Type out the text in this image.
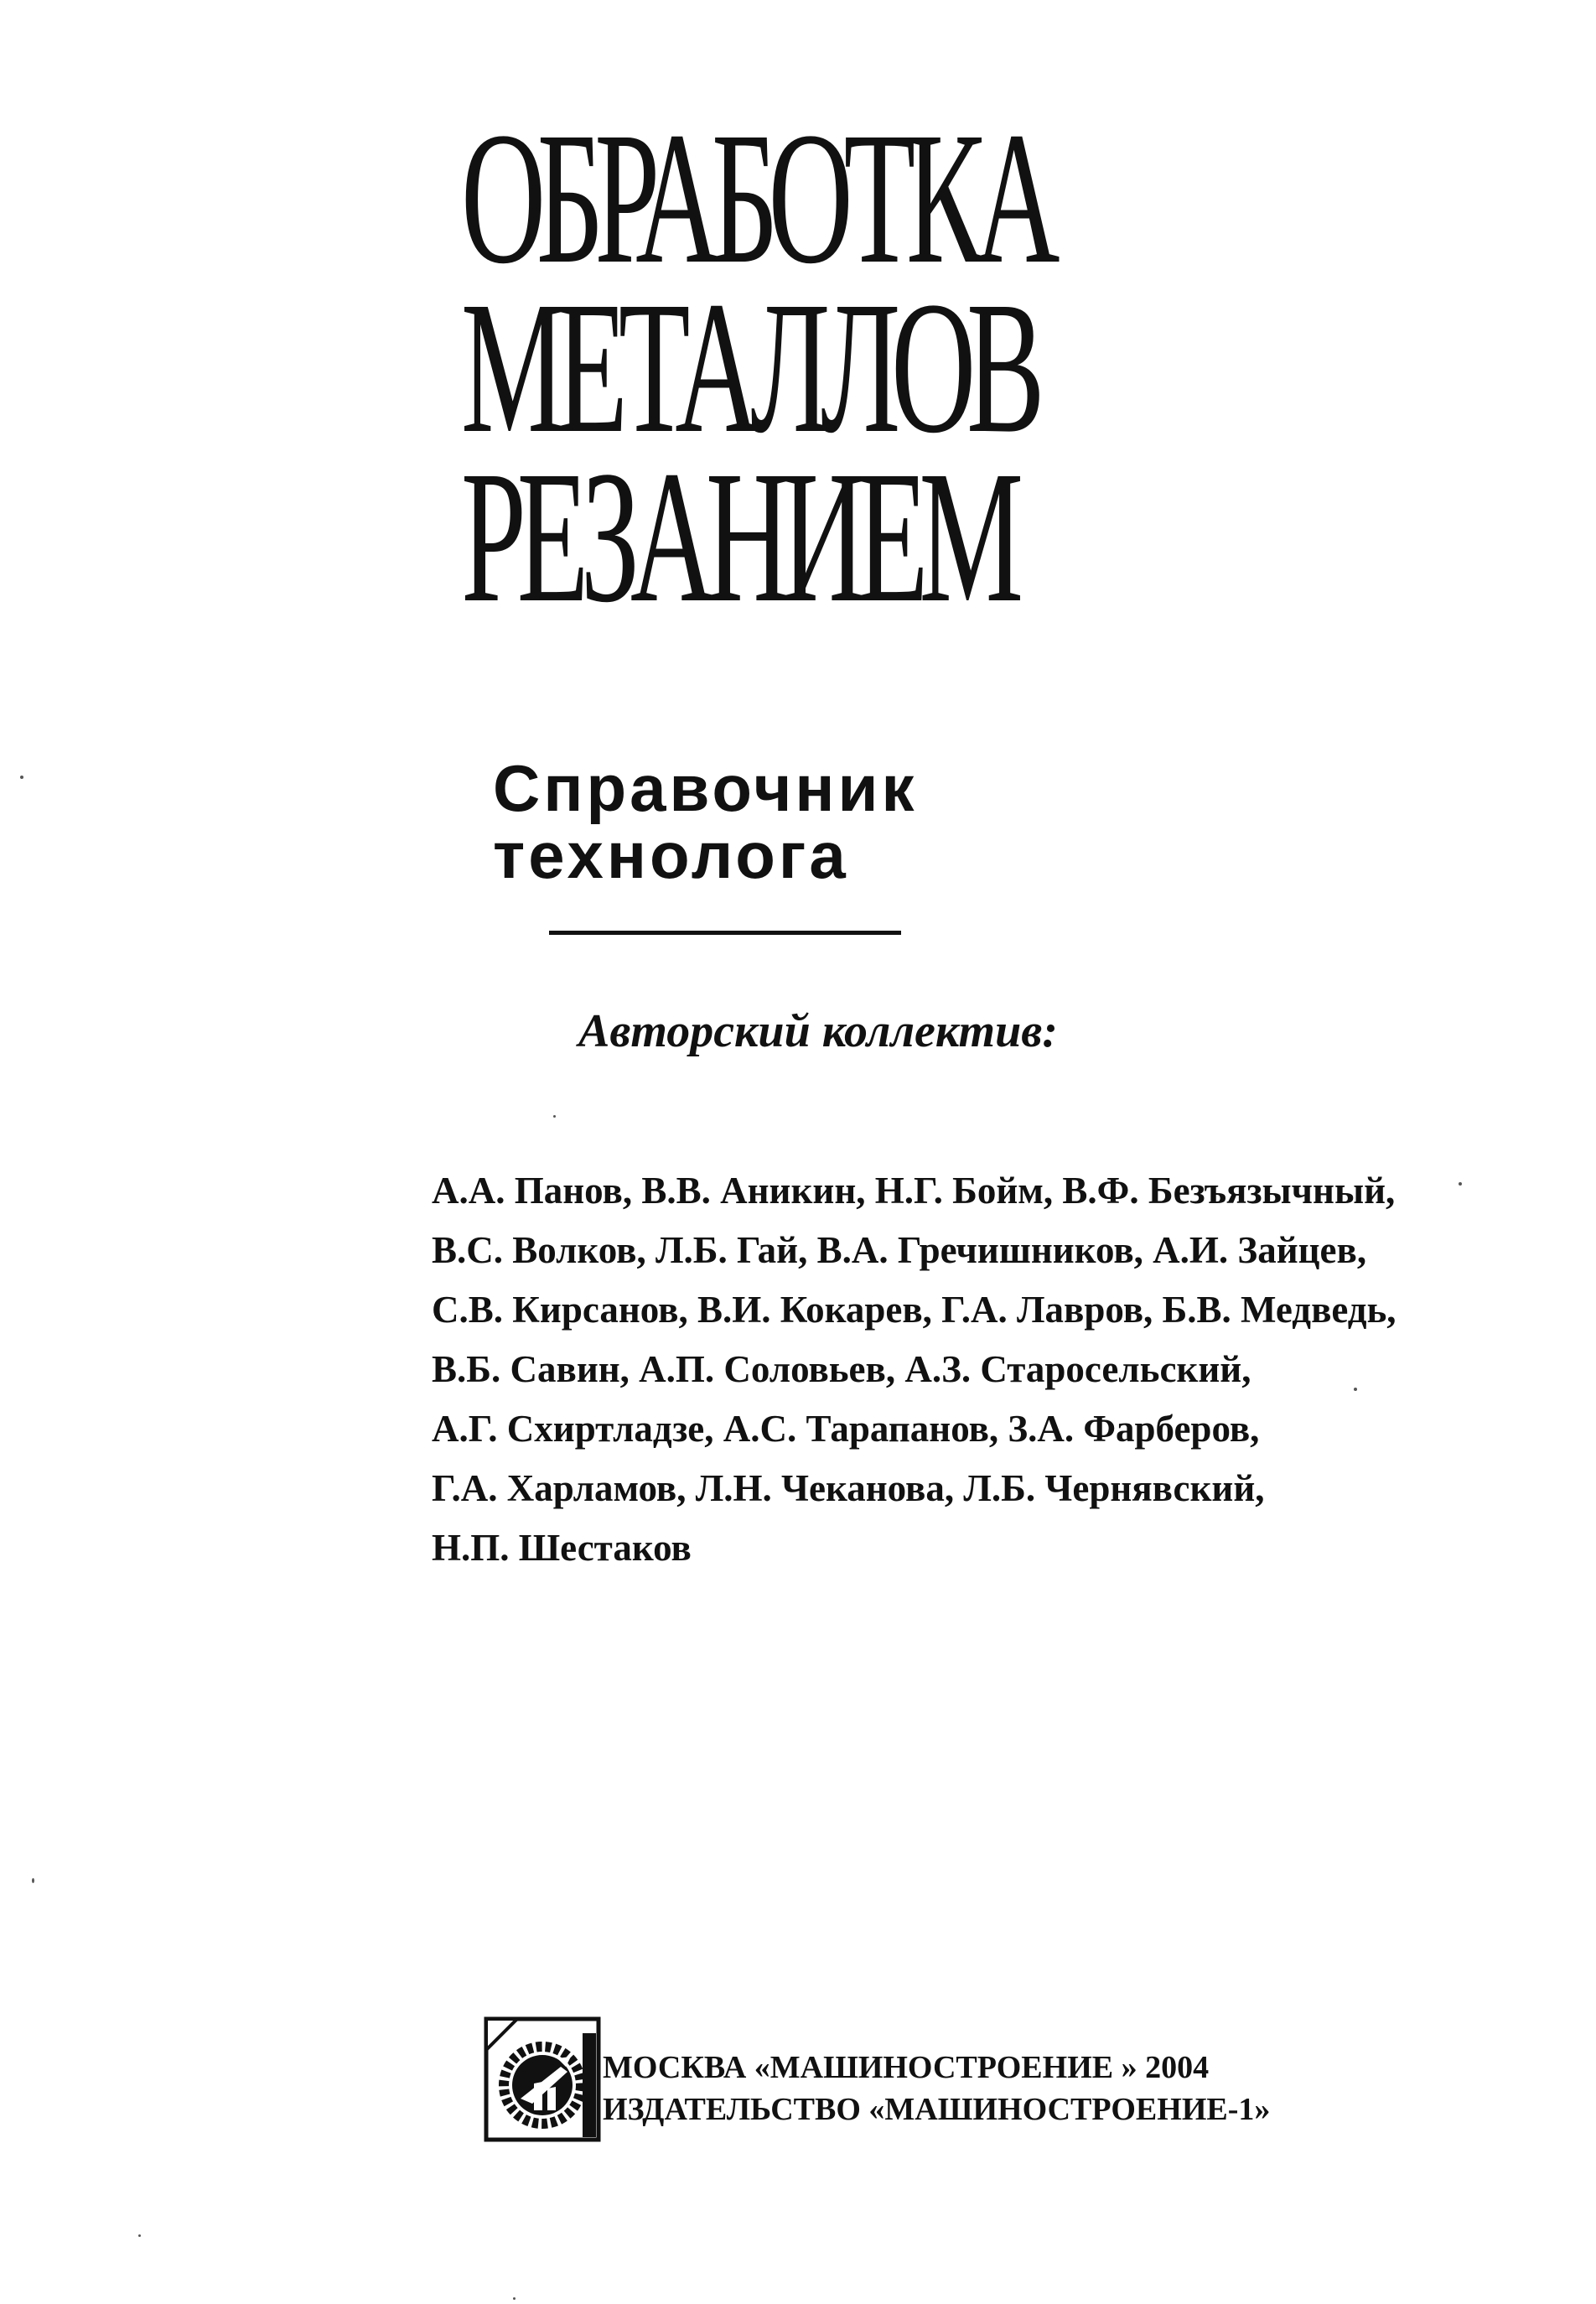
ОБРАБОТКА
МЕТАЛЛОВ
РЕЗАНИЕМ
Справочник
технолога
Авторский коллектив:
А.А. Панов, В.В. Аникин, Н.Г. Бойм, В.Ф. Безъязычный,
В.С. Волков, Л.Б. Гай, В.А. Гречишников, А.И. Зайцев,
С.В. Кирсанов, В.И. Кокарев, Г.А. Лавров, Б.В. Медведь,
В.Б. Савин, А.П. Соловьев, А.З. Старосельский,
А.Г. Схиртладзе, А.С. Тарапанов, З.А. Фарберов,
Г.А. Харламов, Л.Н. Чеканова, Л.Б. Чернявский,
Н.П. Шестаков
МОСКВА «МАШИНОСТРОЕНИЕ » 2004
ИЗДАТЕЛЬСТВО «МАШИНОСТРОЕНИЕ-1»
